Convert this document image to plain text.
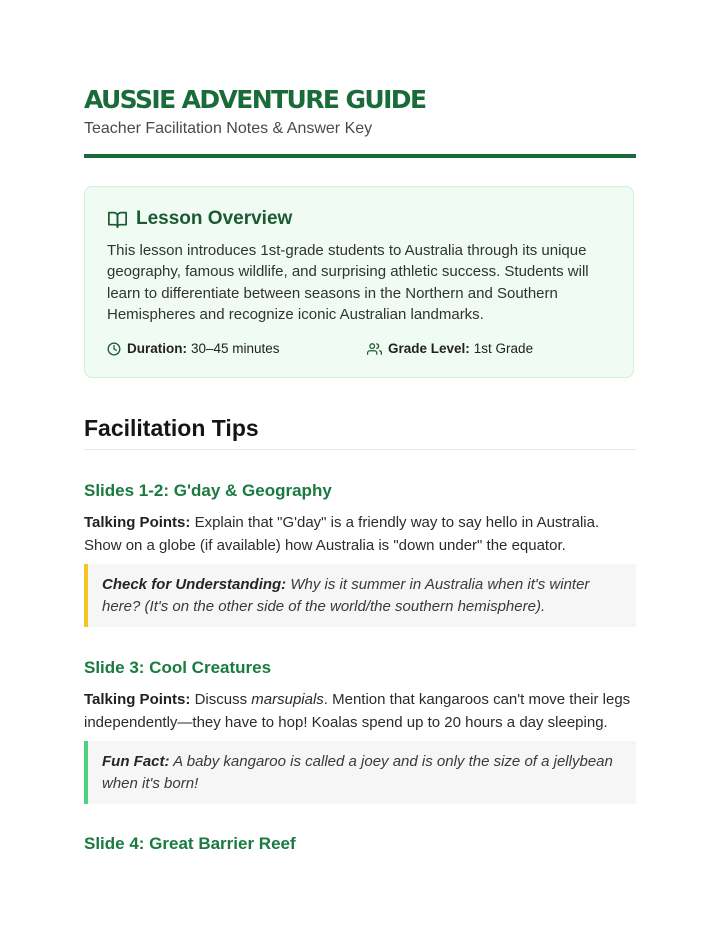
AUSSIE ADVENTURE GUIDE
Teacher Facilitation Notes & Answer Key
Lesson Overview
This lesson introduces 1st-grade students to Australia through its unique geography, famous wildlife, and surprising athletic success. Students will learn to differentiate between seasons in the Northern and Southern Hemispheres and recognize iconic Australian landmarks.
Duration: 30–45 minutes	Grade Level: 1st Grade
Facilitation Tips
Slides 1-2: G'day & Geography
Talking Points: Explain that "G'day" is a friendly way to say hello in Australia. Show on a globe (if available) how Australia is "down under" the equator.
Check for Understanding: Why is it summer in Australia when it's winter here? (It's on the other side of the world/the southern hemisphere).
Slide 3: Cool Creatures
Talking Points: Discuss marsupials. Mention that kangaroos can't move their legs independently—they have to hop! Koalas spend up to 20 hours a day sleeping.
Fun Fact: A baby kangaroo is called a joey and is only the size of a jellybean when it's born!
Slide 4: Great Barrier Reef
